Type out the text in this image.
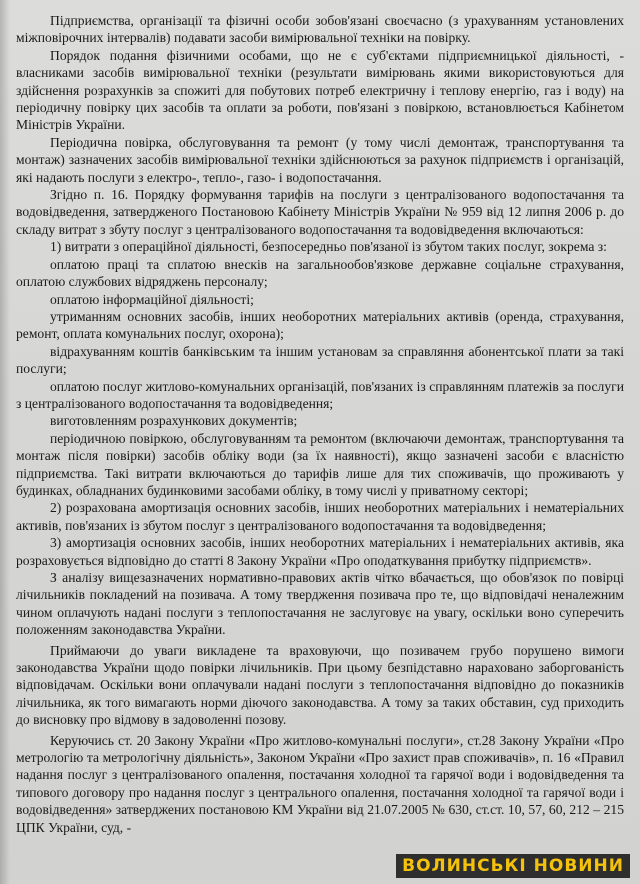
Підприємства, організації та фізичні особи зобов'язані своєчасно (з урахуванням установлених міжповірочних інтервалів) подавати засоби вимірювальної техніки на повірку.

Порядок подання фізичними особами, що не є суб'єктами підприємницької діяльності, - власниками засобів вимірювальної техніки (результати вимірювань якими використовуються для здійснення розрахунків за спожиті для побутових потреб електричну і теплову енергію, газ і воду) на періодичну повірку цих засобів та оплати за роботи, пов'язані з повіркою, встановлюється Кабінетом Міністрів України.

Періодична повірка, обслуговування та ремонт (у тому числі демонтаж, транспортування та монтаж) зазначених засобів вимірювальної техніки здійснюються за рахунок підприємств і організацій, які надають послуги з електро-, тепло-, газо- і водопостачання.

Згідно п. 16. Порядку формування тарифів на послуги з централізованого водопостачання та водовідведення, затвердженого Постановою Кабінету Міністрів України № 959 від 12 липня 2006 р. до складу витрат з збуту послуг з централізованого водопостачання та водовідведення включаються:

1) витрати з операційної діяльності, безпосередньо пов'язаної із збутом таких послуг, зокрема з:

оплатою праці та сплатою внесків на загальнообов'язкове державне соціальне страхування, оплатою службових відряджень персоналу;

оплатою інформаційної діяльності;

утриманням основних засобів, інших необоротних матеріальних активів (оренда, страхування, ремонт, оплата комунальних послуг, охорона);

відрахуванням коштів банківським та іншим установам за справляння абонентської плати за такі послуги;

оплатою послуг житлово-комунальних організацій, пов'язаних із справлянням платежів за послуги з централізованого водопостачання та водовідведення;

виготовленням розрахункових документів;

періодичною повіркою, обслуговуванням та ремонтом (включаючи демонтаж, транспортування та монтаж після повірки) засобів обліку води (за їх наявності), якщо зазначені засоби є власністю підприємства. Такі витрати включаються до тарифів лише для тих споживачів, що проживають у будинках, обладнаних будинковими засобами обліку, в тому числі у приватному секторі;

2) розрахована амортизація основних засобів, інших необоротних матеріальних і нематеріальних активів, пов'язаних із збутом послуг з централізованого водопостачання та водовідведення;

3) амортизація основних засобів, інших необоротних матеріальних і нематеріальних активів, яка розраховується відповідно до статті 8 Закону України «Про оподаткування прибутку підприємств».

З аналізу вищезазначених нормативно-правових актів чітко вбачається, що обов'язок по повірці лічильників покладений на позивача. А тому твердження позивача про те, що відповідачі неналежним чином оплачують надані послуги з теплопостачання не заслуговує на увагу, оскільки воно суперечить положенням законодавства України.

Приймаючи до уваги викладене та враховуючи, що позивачем грубо порушено вимоги законодавства України щодо повірки лічильників. При цьому безпідставно нараховано заборгованість відповідачам. Оскільки вони оплачували надані послуги з теплопостачання відповідно до показників лічильника, як того вимагають норми діючого законодавства. А тому за таких обставин, суд приходить до висновку про відмову в задоволенні позову.

Керуючись ст. 20 Закону України «Про житлово-комунальні послуги», ст.28 Закону України «Про метрологію та метрологічну діяльність», Законом України «Про захист прав споживачів», п. 16 «Правил надання послуг з централізованого опалення, постачання холодної та гарячої води і водовідведення та типового договору про надання послуг з центрального опалення, постачання холодної та гарячої води і водовідведення» затверджених постановою КМ України від 21.07.2005 № 630, ст.ст. 10, 57, 60, 212 – 215 ЦПК України, суд, -

ВОЛИНСЬКІ НОВИНИ
